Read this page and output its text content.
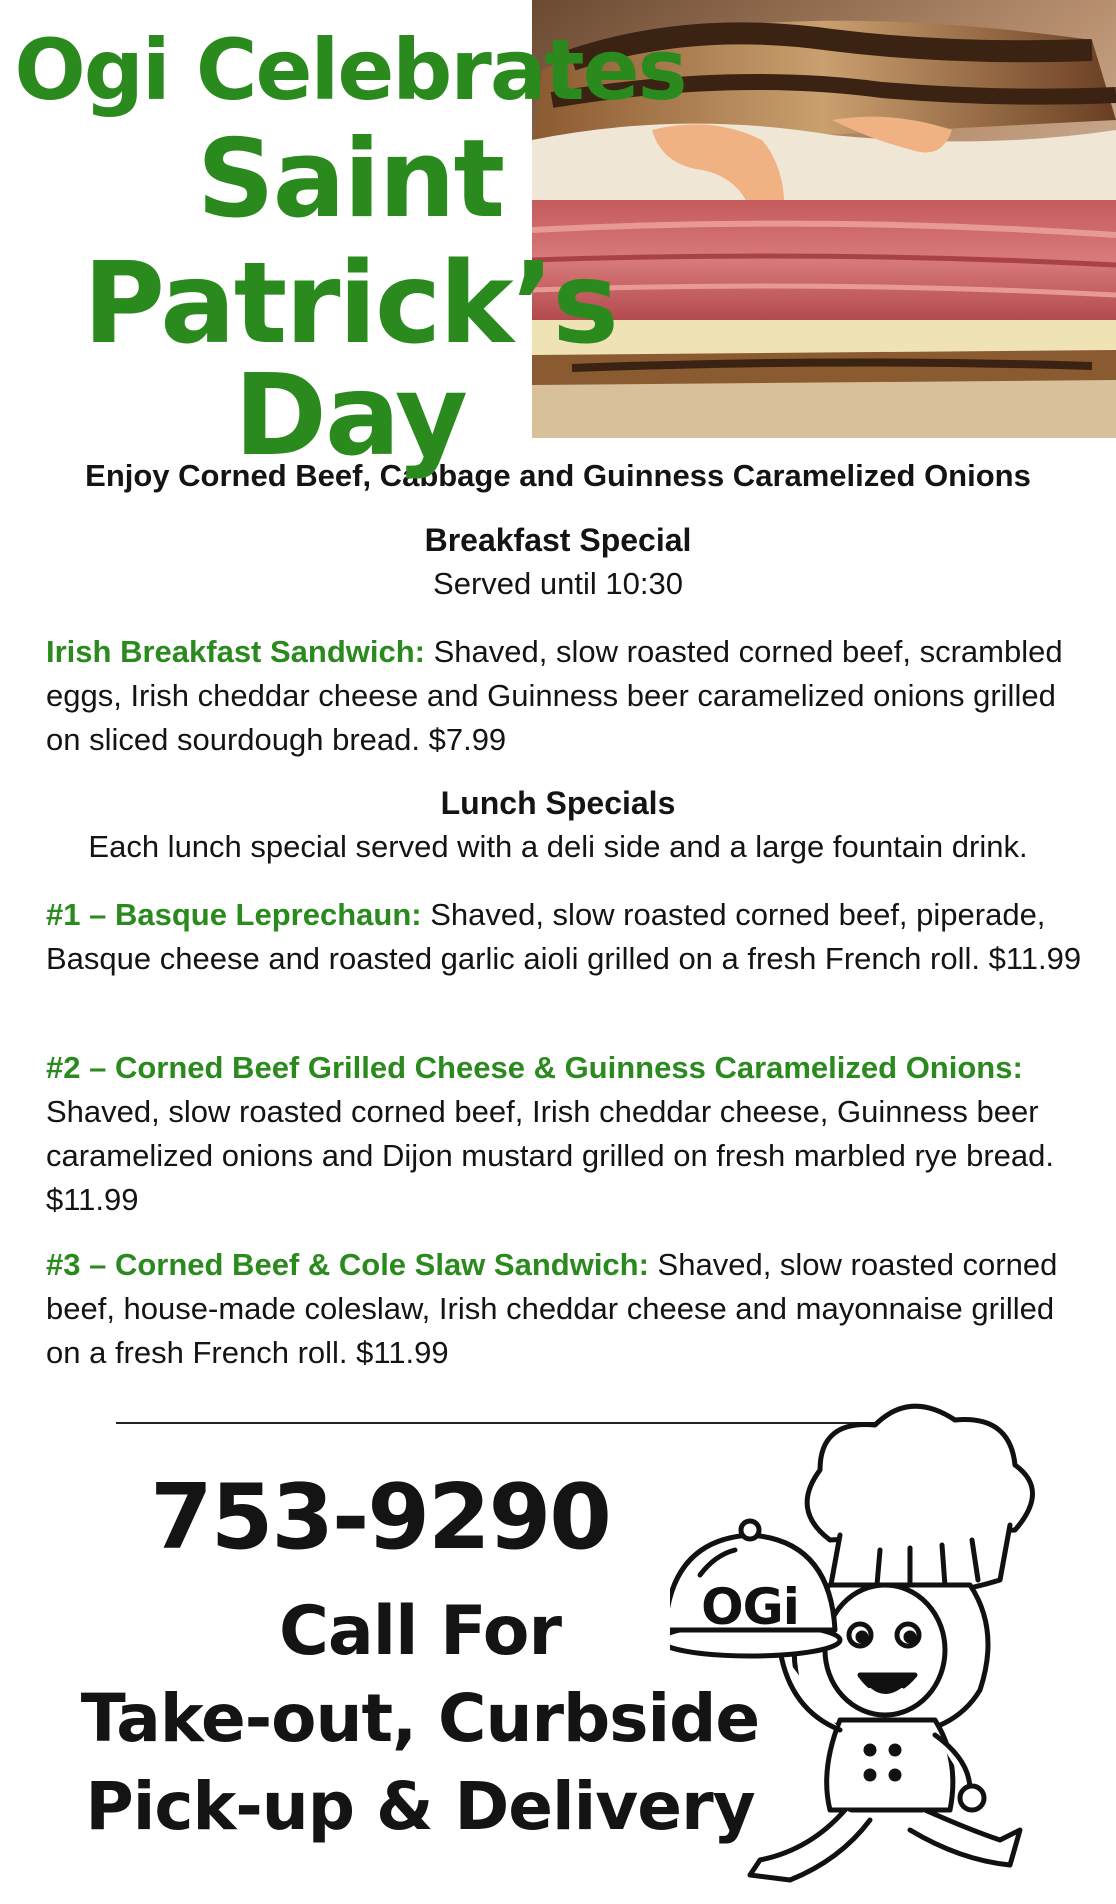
Ogi Celebrates
Saint
Patrick’s Day
Enjoy Corned Beef, Cabbage and Guinness Caramelized Onions
Breakfast Special
Served until 10:30
Irish Breakfast Sandwich: Shaved, slow roasted corned beef, scrambled eggs, Irish cheddar cheese and Guinness beer caramelized onions grilled on sliced sourdough bread. $7.99
Lunch Specials
Each lunch special served with a deli side and a large fountain drink.
#1 – Basque Leprechaun: Shaved, slow roasted corned beef, piperade, Basque cheese and roasted garlic aioli grilled on a fresh French roll. $11.99
#2 – Corned Beef Grilled Cheese & Guinness Caramelized Onions: Shaved, slow roasted corned beef, Irish cheddar cheese, Guinness beer caramelized onions and Dijon mustard grilled on fresh marbled rye bread. $11.99
#3 – Corned Beef & Cole Slaw Sandwich: Shaved, slow roasted corned beef, house-made coleslaw, Irish cheddar cheese and mayonnaise grilled on a fresh French roll. $11.99
753-9290
Call For
Take-out, Curbside
Pick-up & Delivery
OGi
